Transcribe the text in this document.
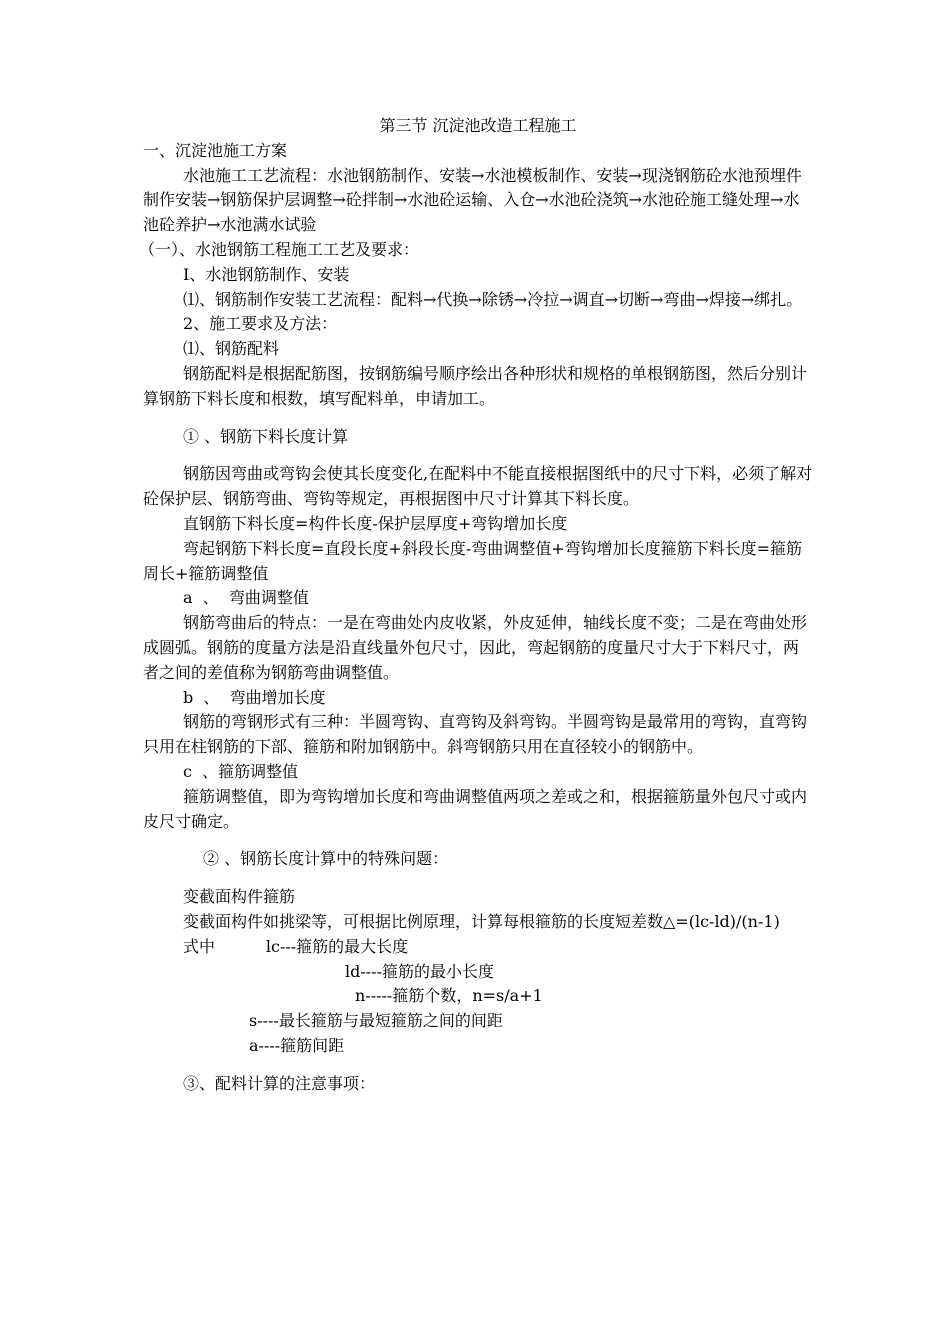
第三节 沉淀池改造工程施工

一、沉淀池施工方案

水池施工工艺流程：水池钢筋制作、安装→水池模板制作、安装→现浇钢筋砼水池预埋件制作安装→钢筋保护层调整→砼拌制→水池砼运输、入仓→水池砼浇筑→水池砼施工缝处理→水池砼养护→水池满水试验

（一）、水池钢筋工程施工工艺及要求：

I、水池钢筋制作、安装

⑴、钢筋制作安装工艺流程：配料→代换→除锈→冷拉→调直→切断→弯曲→焊接→绑扎。

2、施工要求及方法：

⑴、钢筋配料

钢筋配料是根据配筋图，按钢筋编号顺序绘出各种形状和规格的单根钢筋图，然后分别计算钢筋下料长度和根数，填写配料单，申请加工。

① 、钢筋下料长度计算

钢筋因弯曲或弯钩会使其长度变化,在配料中不能直接根据图纸中的尺寸下料，必须了解对砼保护层、钢筋弯曲、弯钩等规定，再根据图中尺寸计算其下料长度。

直钢筋下料长度=构件长度-保护层厚度+弯钩增加长度

弯起钢筋下料长度=直段长度+斜段长度-弯曲调整值+弯钩增加长度箍筋下料长度=箍筋周长+箍筋调整值

a  、  弯曲调整值

钢筋弯曲后的特点：一是在弯曲处内皮收紧，外皮延伸，轴线长度不变；二是在弯曲处形成圆弧。钢筋的度量方法是沿直线量外包尺寸，因此，弯起钢筋的度量尺寸大于下料尺寸，两者之间的差值称为钢筋弯曲调整值。

b  、  弯曲增加长度

钢筋的弯钢形式有三种：半圆弯钩、直弯钩及斜弯钩。半圆弯钩是最常用的弯钩，直弯钩只用在柱钢筋的下部、箍筋和附加钢筋中。斜弯钢筋只用在直径较小的钢筋中。

c  、箍筋调整值

箍筋调整值，即为弯钩增加长度和弯曲调整值两项之差或之和，根据箍筋量外包尺寸或内皮尺寸确定。

② 、钢筋长度计算中的特殊问题：

变截面构件箍筋

变截面构件如挑梁等，可根据比例原理，计算每根箍筋的长度短差数△=(lc-ld)/(n-1)

式中          lc---箍筋的最大长度

ld----箍筋的最小长度

n-----箍筋个数，n=s/a+1

s----最长箍筋与最短箍筋之间的间距

a----箍筋间距

③、配料计算的注意事项：
